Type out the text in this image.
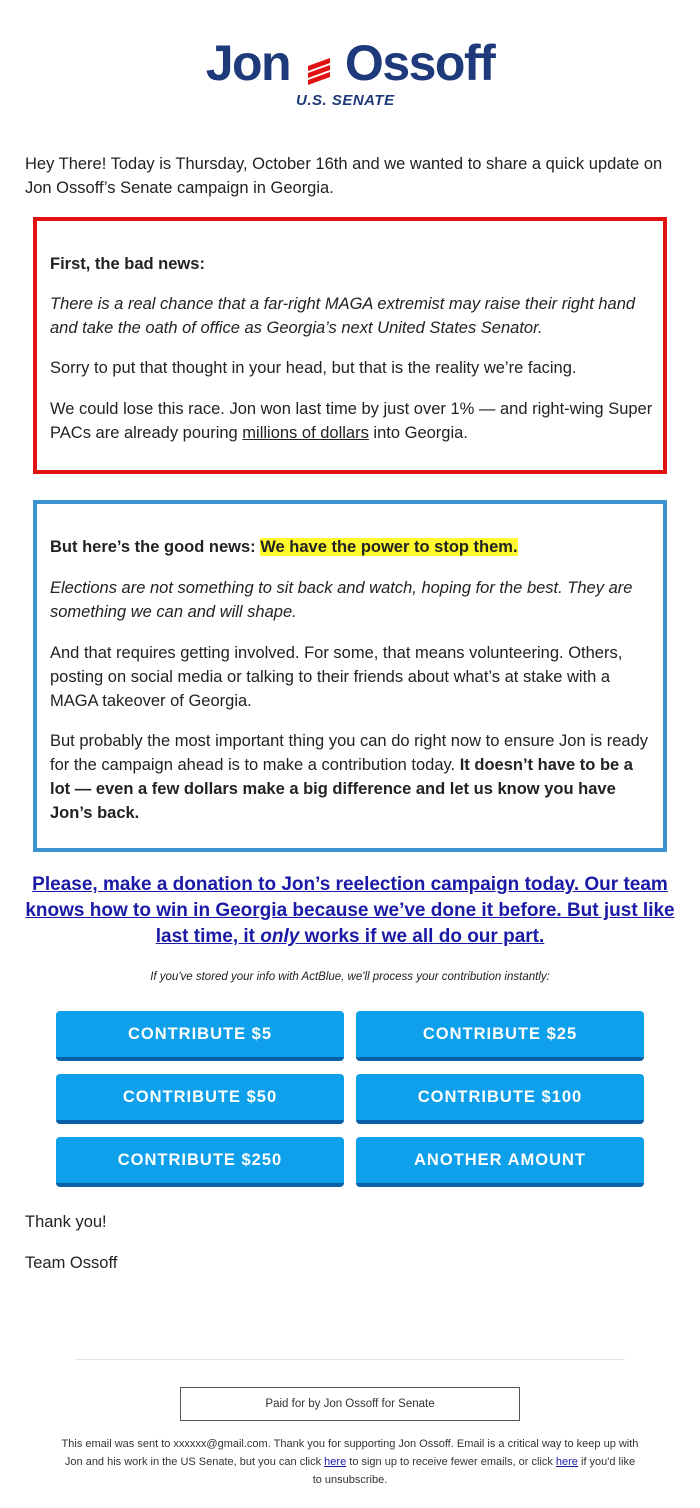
Jon Ossoff
U.S. SENATE
Hey There! Today is Thursday, October 16th and we wanted to share a quick update on Jon Ossoff’s Senate campaign in Georgia.

First, the bad news:

There is a real chance that a far-right MAGA extremist may raise their right hand and take the oath of office as Georgia’s next United States Senator.

Sorry to put that thought in your head, but that is the reality we’re facing.

We could lose this race. Jon won last time by just over 1% — and right-wing Super PACs are already pouring millions of dollars into Georgia.

But here’s the good news: We have the power to stop them.

Elections are not something to sit back and watch, hoping for the best. They are something we can and will shape.

And that requires getting involved. For some, that means volunteering. Others, posting on social media or talking to their friends about what’s at stake with a MAGA takeover of Georgia.

But probably the most important thing you can do right now to ensure Jon is ready for the campaign ahead is to make a contribution today. It doesn’t have to be a lot — even a few dollars make a big difference and let us know you have Jon’s back.

Please, make a donation to Jon’s reelection campaign today. Our team knows how to win in Georgia because we’ve done it before. But just like last time, it only works if we all do our part.
If you've stored your info with ActBlue, we'll process your contribution instantly:
CONTRIBUTE $5	CONTRIBUTE $25
CONTRIBUTE $50	CONTRIBUTE $100
CONTRIBUTE $250	ANOTHER AMOUNT
Thank you!
Team Ossoff
Paid for by Jon Ossoff for Senate
This email was sent to xxxxxx@gmail.com. Thank you for supporting Jon Ossoff. Email is a critical way to keep up with Jon and his work in the US Senate, but you can click here to sign up to receive fewer emails, or click here if you'd like to unsubscribe.
